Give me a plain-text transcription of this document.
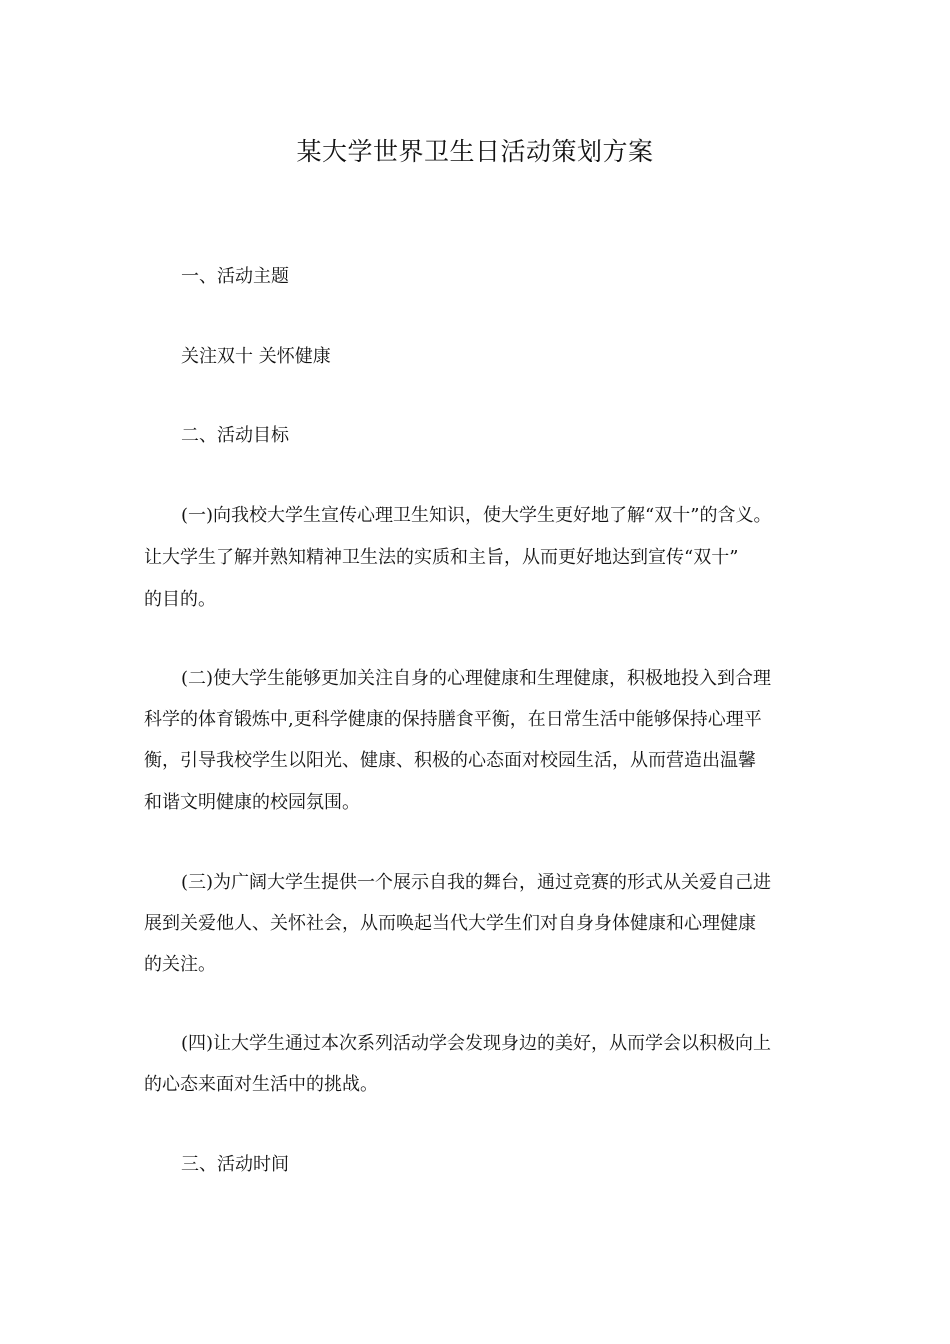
某大学世界卫生日活动策划方案

一、活动主题

关注双十 关怀健康

二、活动目标

(一)向我校大学生宣传心理卫生知识，使大学生更好地了解“双十”的含义。

让大学生了解并熟知精神卫生法的实质和主旨，从而更好地达到宣传“双十”

的目的。

(二)使大学生能够更加关注自身的心理健康和生理健康，积极地投入到合理

科学的体育锻炼中,更科学健康的保持膳食平衡，在日常生活中能够保持心理平

衡，引导我校学生以阳光、健康、积极的心态面对校园生活，从而营造出温馨

和谐文明健康的校园氛围。

(三)为广阔大学生提供一个展示自我的舞台，通过竞赛的形式从关爱自己进

展到关爱他人、关怀社会，从而唤起当代大学生们对自身身体健康和心理健康

的关注。

(四)让大学生通过本次系列活动学会发现身边的美好，从而学会以积极向上

的心态来面对生活中的挑战。

三、活动时间
